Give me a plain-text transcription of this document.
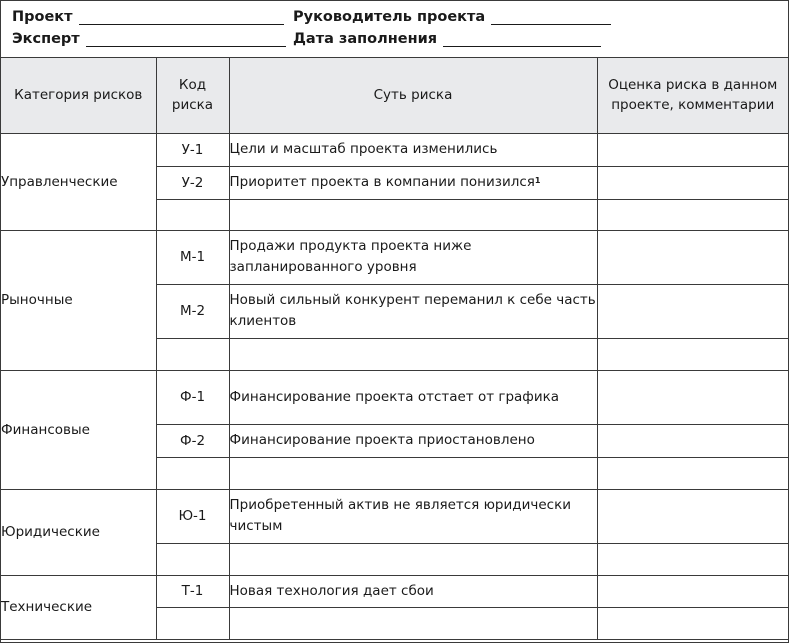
Проект	Руководитель проекта
Эксперт	Дата заполнения
Категория рисков	Код риска	Суть риска	Оценка риска в данном проекте, комментарии
Управленческие	У-1	Цели и масштаб проекта изменились	
	У-2	Приоритет проекта в компании понизился$^1$	

Рыночные	М-1	Продажи продукта проекта ниже запланированного уровня	
	М-2	Новый сильный конкурент переманил к себе часть клиентов	

Финансовые	Ф-1	Финансирование проекта отстает от графика	
	Ф-2	Финансирование проекта приостановлено	

Юридические	Ю-1	Приобретенный актив не является юридически чистым	

Технические	Т-1	Новая технология дает сбои	
